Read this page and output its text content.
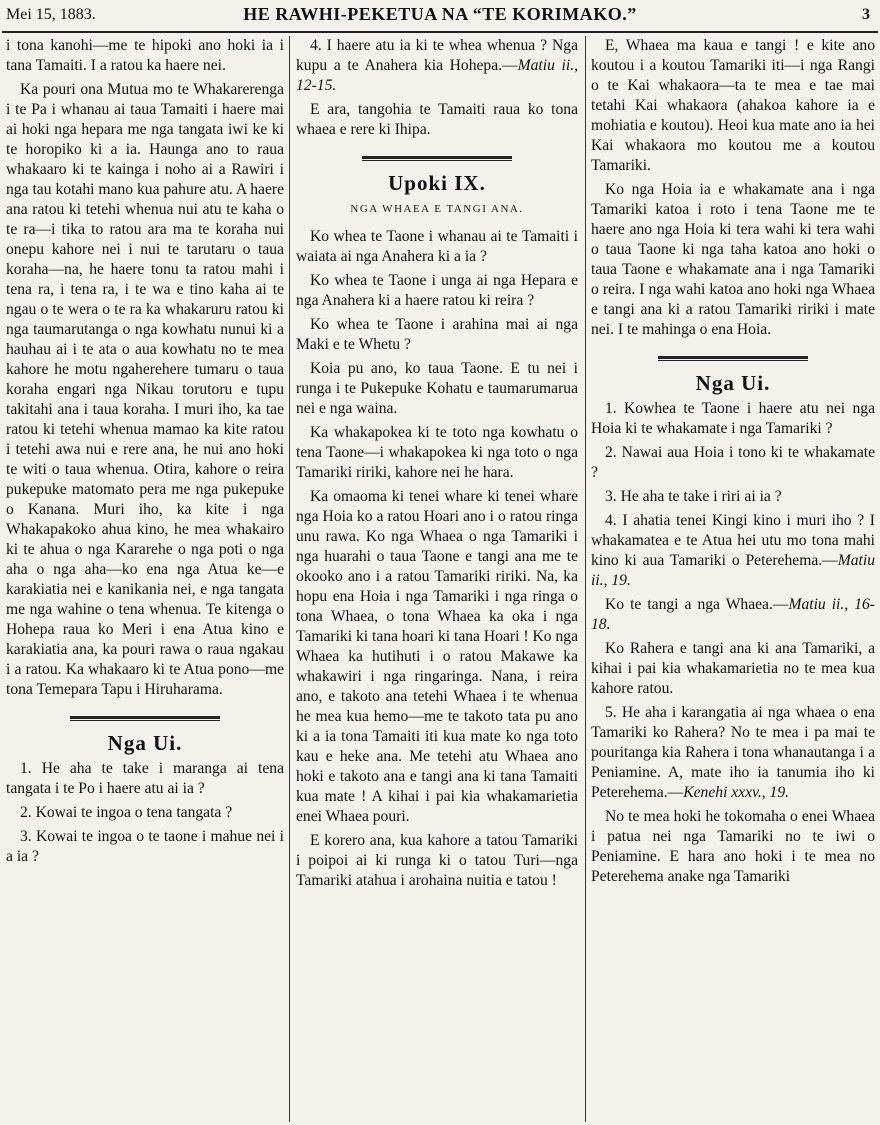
Mei 15, 1883.	HE RAWHI-PEKETUA NA “TE KORIMAKO.”	3

i tona kanohi—me te hipoki ano hoki ia i tana Tamaiti. I a ratou ka haere nei.

Ka pouri ona Mutua mo te Whakarerenga i te Pa i whanau ai taua Tamaiti i haere mai ai hoki nga hepara me nga tangata iwi ke ki te horopiko ki a ia. Haunga ano to raua whakaaro ki te kainga i noho ai a Rawiri i nga tau kotahi mano kua pahure atu. A haere ana ratou ki tetehi whenua nui atu te kaha o te ra—i tika to ratou ara ma te koraha nui onepu kahore nei i nui te tarutaru o taua koraha—na, he haere tonu ta ratou mahi i tena ra, i tena ra, i te wa e tino kaha ai te ngau o te wera o te ra ka whakaruru ratou ki nga taumarutanga o nga kowhatu nunui ki a hauhau ai i te ata o aua kowhatu no te mea kahore he motu ngaherehere tumaru o taua koraha engari nga Nikau torutoru e tupu takitahi ana i taua koraha. I muri iho, ka tae ratou ki tetehi whenua mamao ka kite ratou i tetehi awa nui e rere ana, he nui ano hoki te witi o taua whenua. Otira, kahore o reira pukepuke matomato pera me nga pukepuke o Kanana. Muri iho, ka kite i nga Whakapakoko ahua kino, he mea whakairo ki te ahua o nga Kararehe o nga poti o nga aha o nga aha—ko ena nga Atua ke—e karakiatia nei e kanikania nei, e nga tangata me nga wahine o tena whenua. Te kitenga o Hohepa raua ko Meri i ena Atua kino e karakiatia ana, ka pouri rawa o raua ngakau i a ratou. Ka whakaaro ki te Atua pono—me tona Temepara Tapu i Hiruharama.

Nga Ui.

1. He aha te take i maranga ai tena tangata i te Po i haere atu ai ia ?

2. Kowai te ingoa o tena tangata ?

3. Kowai te ingoa o te taone i mahue nei i a ia ?

4. I haere atu ia ki te whea whenua ? Nga kupu a te Anahera kia Hohepa.—Matiu ii., 12-15.

E ara, tangohia te Tamaiti raua ko tona whaea e rere ki Ihipa.

Upoki IX.
NGA WHAEA E TANGI ANA.

Ko whea te Taone i whanau ai te Tamaiti i waiata ai nga Anahera ki a ia ?

Ko whea te Taone i unga ai nga Hepara e nga Anahera ki a haere ratou ki reira ?

Ko whea te Taone i arahina mai ai nga Maki e te Whetu ?

Koia pu ano, ko taua Taone. E tu nei i runga i te Pukepuke Kohatu e taumarumarua nei e nga waina.

Ka whakapokea ki te toto nga kowhatu o tena Taone—i whakapokea ki nga toto o nga Tamariki ririki, kahore nei he hara.

Ka omaoma ki tenei whare ki tenei whare nga Hoia ko a ratou Hoari ano i o ratou ringa unu rawa. Ko nga Whaea o nga Tamariki i nga huarahi o taua Taone e tangi ana me te okooko ano i a ratou Tamariki ririki. Na, ka hopu ena Hoia i nga Tamariki i nga ringa o tona Whaea, o tona Whaea ka oka i nga Tamariki ki tana hoari ki tana Hoari ! Ko nga Whaea ka hutihuti i o ratou Makawe ka whakawiri i nga ringaringa. Nana, i reira ano, e takoto ana tetehi Whaea i te whenua he mea kua hemo—me te takoto tata pu ano ki a ia tona Tamaiti iti kua mate ko nga toto kau e heke ana. Me tetehi atu Whaea ano hoki e takoto ana e tangi ana ki tana Tamaiti kua mate ! A kihai i pai kia whakamarietia enei Whaea pouri.

E korero ana, kua kahore a tatou Tamariki i poipoi ai ki runga ki o tatou Turi—nga Tamariki atahua i arohaina nuitia e tatou !

E, Whaea ma kaua e tangi ! e kite ano koutou i a koutou Tamariki iti—i nga Rangi o te Kai whakaora—ta te mea e tae mai tetahi Kai whakaora (ahakoa kahore ia e mohiatia e koutou). Heoi kua mate ano ia hei Kai whakaora mo koutou me a koutou Tamariki.

Ko nga Hoia ia e whakamate ana i nga Tamariki katoa i roto i tena Taone me te haere ano nga Hoia ki tera wahi ki tera wahi o taua Taone ki nga taha katoa ano hoki o taua Taone e whakamate ana i nga Tamariki o reira. I nga wahi katoa ano hoki nga Whaea e tangi ana ki a ratou Tamariki ririki i mate nei. I te mahinga o ena Hoia.

Nga Ui.

1. Kowhea te Taone i haere atu nei nga Hoia ki te whakamate i nga Tamariki ?

2. Nawai aua Hoia i tono ki te whakamate ?

3. He aha te take i riri ai ia ?

4. I ahatia tenei Kingi kino i muri iho ? I whakamatea e te Atua hei utu mo tona mahi kino ki aua Tamariki o Peterehema.—Matiu ii., 19.

Ko te tangi a nga Whaea.—Matiu ii., 16-18.

Ko Rahera e tangi ana ki ana Tamariki, a kihai i pai kia whakamarietia no te mea kua kahore ratou.

5. He aha i karangatia ai nga whaea o ena Tamariki ko Rahera? No te mea i pa mai te pouritanga kia Rahera i tona whanautanga i a Peniamine. A, mate iho ia tanumia iho ki Peterehema.—Kenehi xxxv., 19.

No te mea hoki he tokomaha o enei Whaea i patua nei nga Tamariki no te iwi o Peniamine. E hara ano hoki i te mea no Peterehema anake nga Tamariki
